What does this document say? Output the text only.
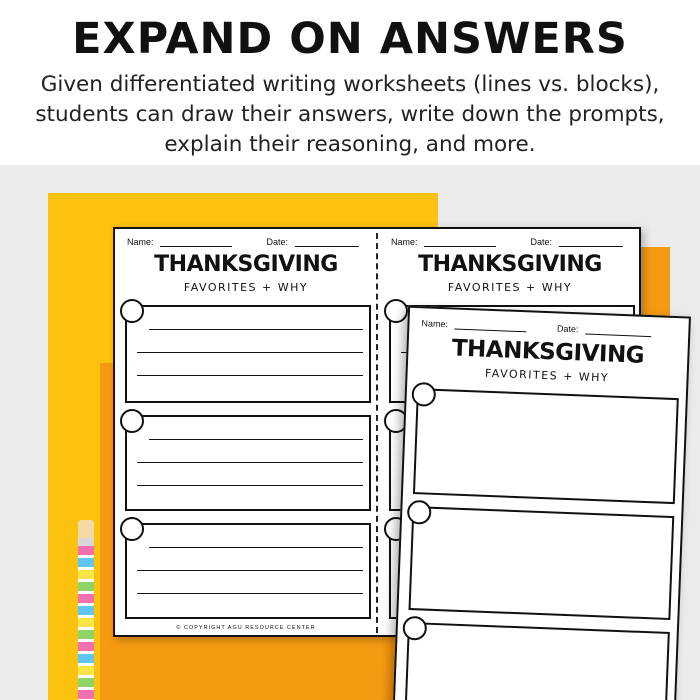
EXPAND ON ANSWERS
Given differentiated writing worksheets (lines vs. blocks), students can draw their answers, write down the prompts, explain their reasoning, and more.
Name:	Date:
THANKSGIVING
FAVORITES + WHY
© COPYRIGHT AGU RESOURCE CENTER
Name:	Date:
THANKSGIVING
FAVORITES + WHY
Name:	Date:
THANKSGIVING
FAVORITES + WHY
